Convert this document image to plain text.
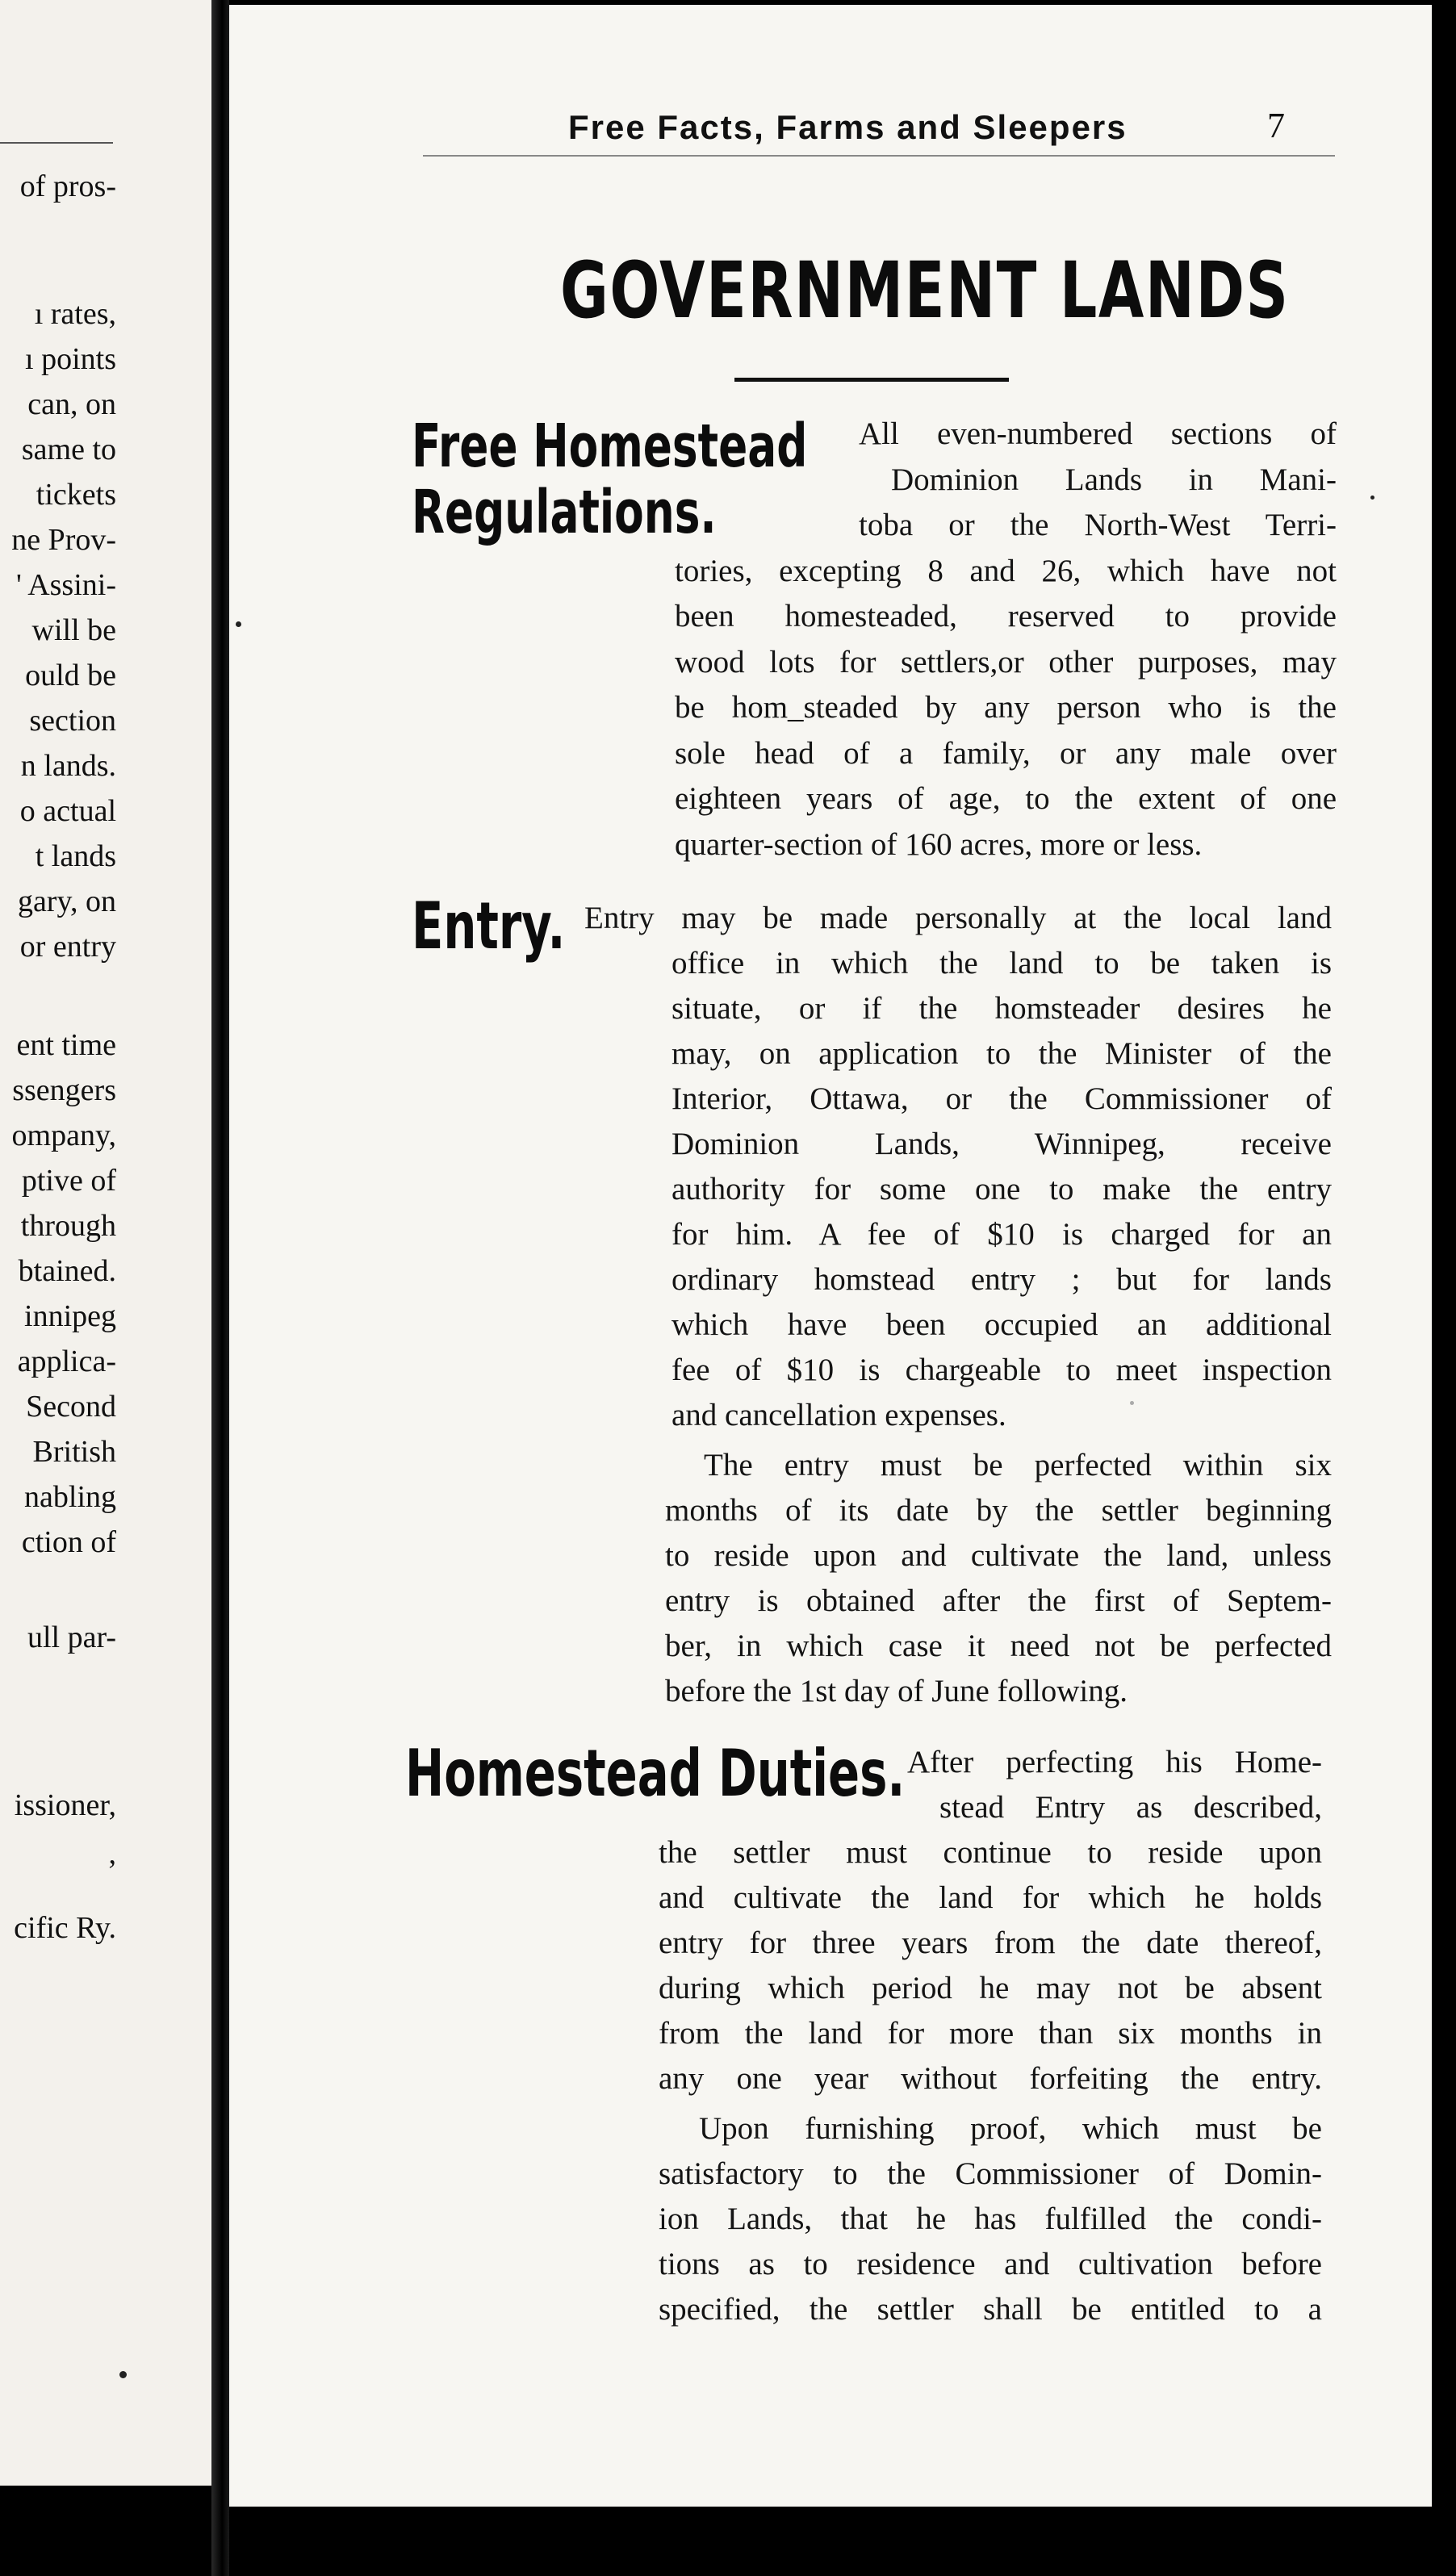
of pros-
ı rates,
ı points
can, on
same to
tickets
ne Prov-
' Assini-
will be
ould be
section
n lands.
o actual
t lands
gary, on
or entry
ent time
ssengers
ompany,
ptive of
through
btained.
innipeg
applica-
Second
British
nabling
ction of
ull par-
issioner,
,
cific Ry.
Free Facts, Farms and Sleepers	7
GOVERNMENT LANDS
Free Homestead
Regulations.
All even-numbered sections of
Dominion Lands in Mani-
toba or the North-West Terri-
tories, excepting 8 and 26, which have not
been homesteaded, reserved to provide
wood lots for settlers,or other purposes, may
be hom_steaded by any person who is the
sole head of a family, or any male over
eighteen years of age, to the extent of one
quarter-section of 160 acres, more or less.
Entry. Entry may be made personally at the local land
office in which the land to be taken is
situate, or if the homsteader desires he
may, on application to the Minister of the
Interior, Ottawa, or the Commissioner of
Dominion Lands, Winnipeg, receive
authority for some one to make the entry
for him. A fee of $10 is charged for an
ordinary homstead entry ; but for lands
which have been occupied an additional
fee of $10 is chargeable to meet inspection
and cancellation expenses.
The entry must be perfected within six
months of its date by the settler beginning
to reside upon and cultivate the land, unless
entry is obtained after the first of Septem-
ber, in which case it need not be perfected
before the 1st day of June following.
Homestead Duties. After perfecting his Home-
stead Entry as described,
the settler must continue to reside upon
and cultivate the land for which he holds
entry for three years from the date thereof,
during which period he may not be absent
from the land for more than six months in
any one year without forfeiting the entry.
Upon furnishing proof, which must be
satisfactory to the Commissioner of Domin-
ion Lands, that he has fulfilled the condi-
tions as to residence and cultivation before
specified, the settler shall be entitled to a
